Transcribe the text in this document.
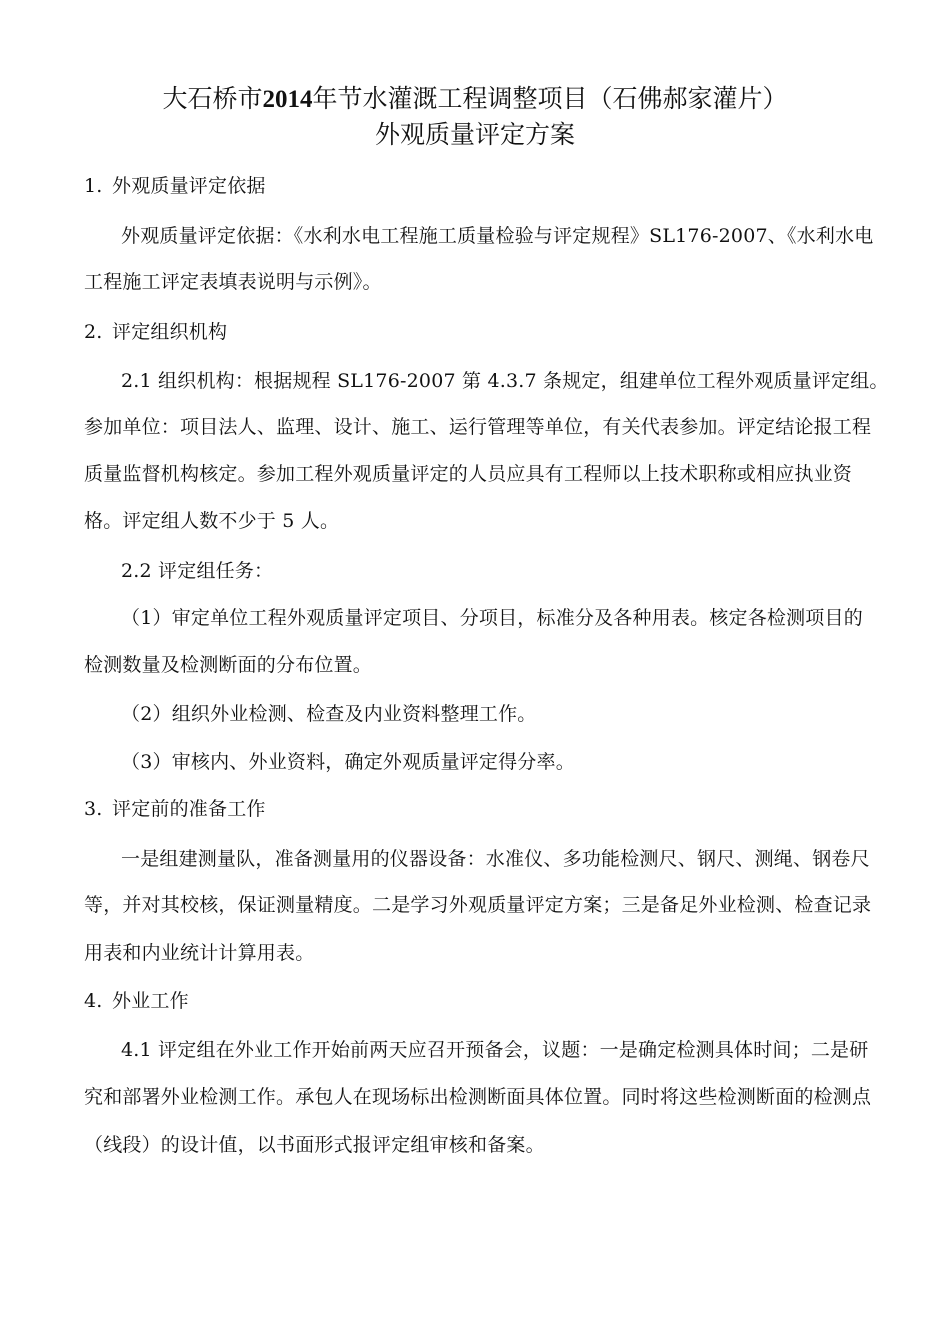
大石桥市2014年节水灌溉工程调整项目（石佛郝家灌片）
外观质量评定方案
1. 外观质量评定依据
外观质量评定依据：《水利水电工程施工质量检验与评定规程》SL176-2007、《水利水电
工程施工评定表填表说明与示例》。
2. 评定组织机构
2.1 组织机构：根据规程 SL176-2007 第 4.3.7 条规定，组建单位工程外观质量评定组。
参加单位：项目法人、监理、设计、施工、运行管理等单位，有关代表参加。评定结论报工程
质量监督机构核定。参加工程外观质量评定的人员应具有工程师以上技术职称或相应执业资
格。评定组人数不少于 5 人。
2.2 评定组任务：
（1）审定单位工程外观质量评定项目、分项目，标准分及各种用表。核定各检测项目的
检测数量及检测断面的分布位置。
（2）组织外业检测、检查及内业资料整理工作。
（3）审核内、外业资料，确定外观质量评定得分率。
3. 评定前的准备工作
一是组建测量队，准备测量用的仪器设备：水准仪、多功能检测尺、钢尺、测绳、钢卷尺
等，并对其校核，保证测量精度。二是学习外观质量评定方案；三是备足外业检测、检查记录
用表和内业统计计算用表。
4. 外业工作
4.1 评定组在外业工作开始前两天应召开预备会，议题：一是确定检测具体时间；二是研
究和部署外业检测工作。承包人在现场标出检测断面具体位置。同时将这些检测断面的检测点
（线段）的设计值，以书面形式报评定组审核和备案。
